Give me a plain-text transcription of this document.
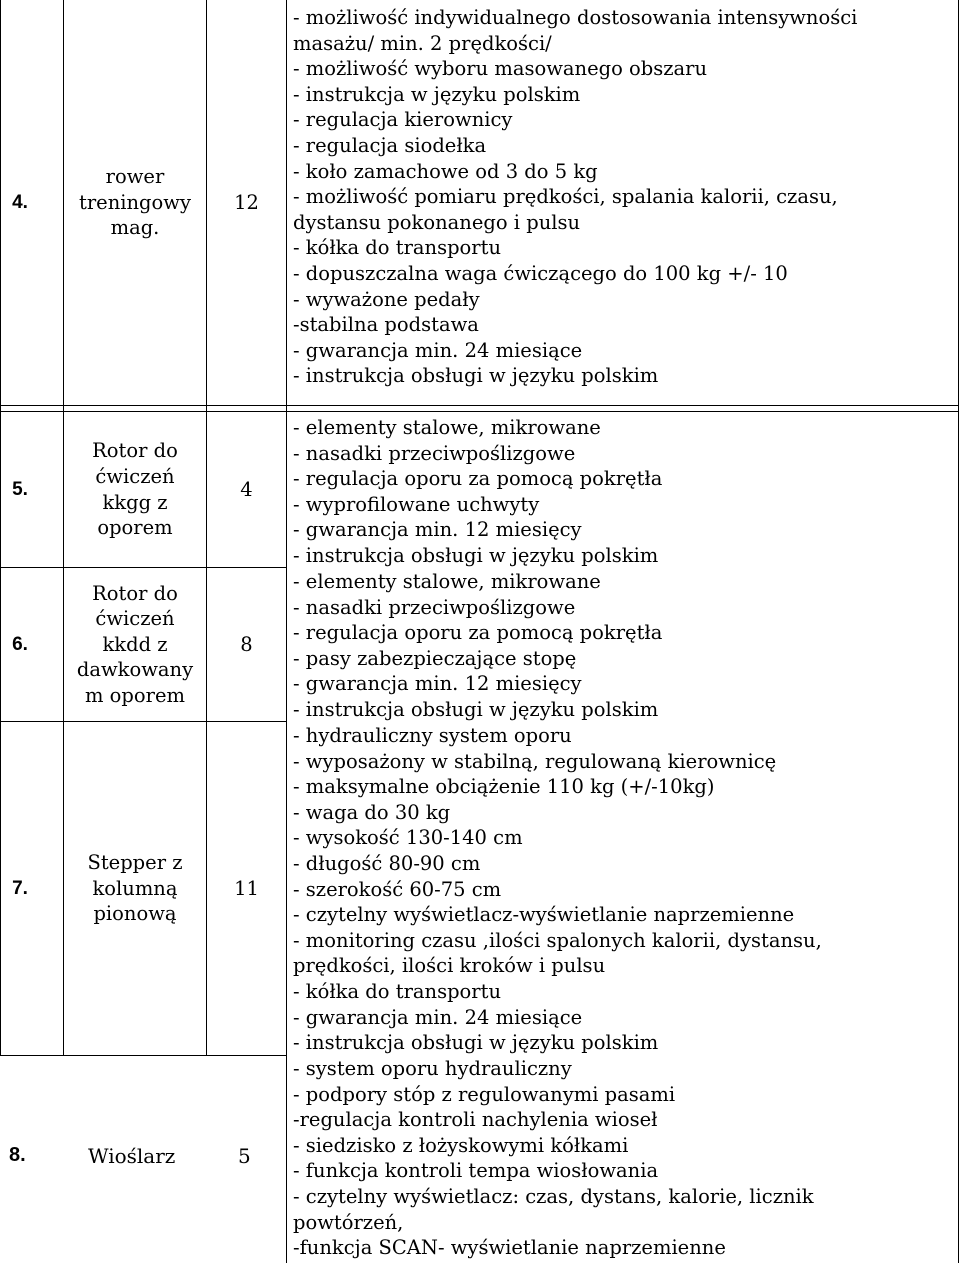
4.
rower
treningowy
mag.
12
- możliwość indywidualnego dostosowania intensywności
masażu/ min. 2 prędkości/
- możliwość wyboru masowanego obszaru
- instrukcja w języku polskim
- regulacja kierownicy
- regulacja siodełka
- koło zamachowe od 3 do 5 kg
- możliwość pomiaru prędkości, spalania kalorii, czasu,
dystansu pokonanego i pulsu
- kółka do transportu
- dopuszczalna waga ćwiczącego do 100 kg +/- 10
- wyważone pedały
-stabilna podstawa
- gwarancja min. 24 miesiące
- instrukcja obsługi w języku polskim
5.
Rotor do
ćwiczeń
kkgg z
oporem
4
- elementy stalowe, mikrowane
- nasadki przeciwpoślizgowe
- regulacja oporu za pomocą pokrętła
- wyprofilowane uchwyty
- gwarancja min. 12 miesięcy
- instrukcja obsługi w języku polskim
6.
Rotor do
ćwiczeń
kkdd z
dawkowany
m oporem
8
- elementy stalowe, mikrowane
- nasadki przeciwpoślizgowe
- regulacja oporu za pomocą pokrętła
- pasy zabezpieczające stopę
- gwarancja min. 12 miesięcy
- instrukcja obsługi w języku polskim
7.
Stepper z
kolumną
pionową
11
- hydrauliczny system oporu
- wyposażony w stabilną, regulowaną kierownicę
- maksymalne obciążenie 110 kg (+/-10kg)
- waga do 30 kg
- wysokość 130-140 cm
- długość 80-90 cm
- szerokość 60-75 cm
- czytelny wyświetlacz-wyświetlanie naprzemienne
- monitoring czasu ,ilości spalonych kalorii, dystansu,
prędkości, ilości kroków i pulsu
- kółka do transportu
- gwarancja min. 24 miesiące
- instrukcja obsługi w języku polskim
8.	Wioślarz	5
- system oporu hydrauliczny
- podpory stóp z regulowanymi pasami
-regulacja kontroli nachylenia wioseł
- siedzisko z łożyskowymi kółkami
- funkcja kontroli tempa wiosłowania
- czytelny wyświetlacz: czas, dystans, kalorie, licznik
powtórzeń,
-funkcja SCAN- wyświetlanie naprzemienne
